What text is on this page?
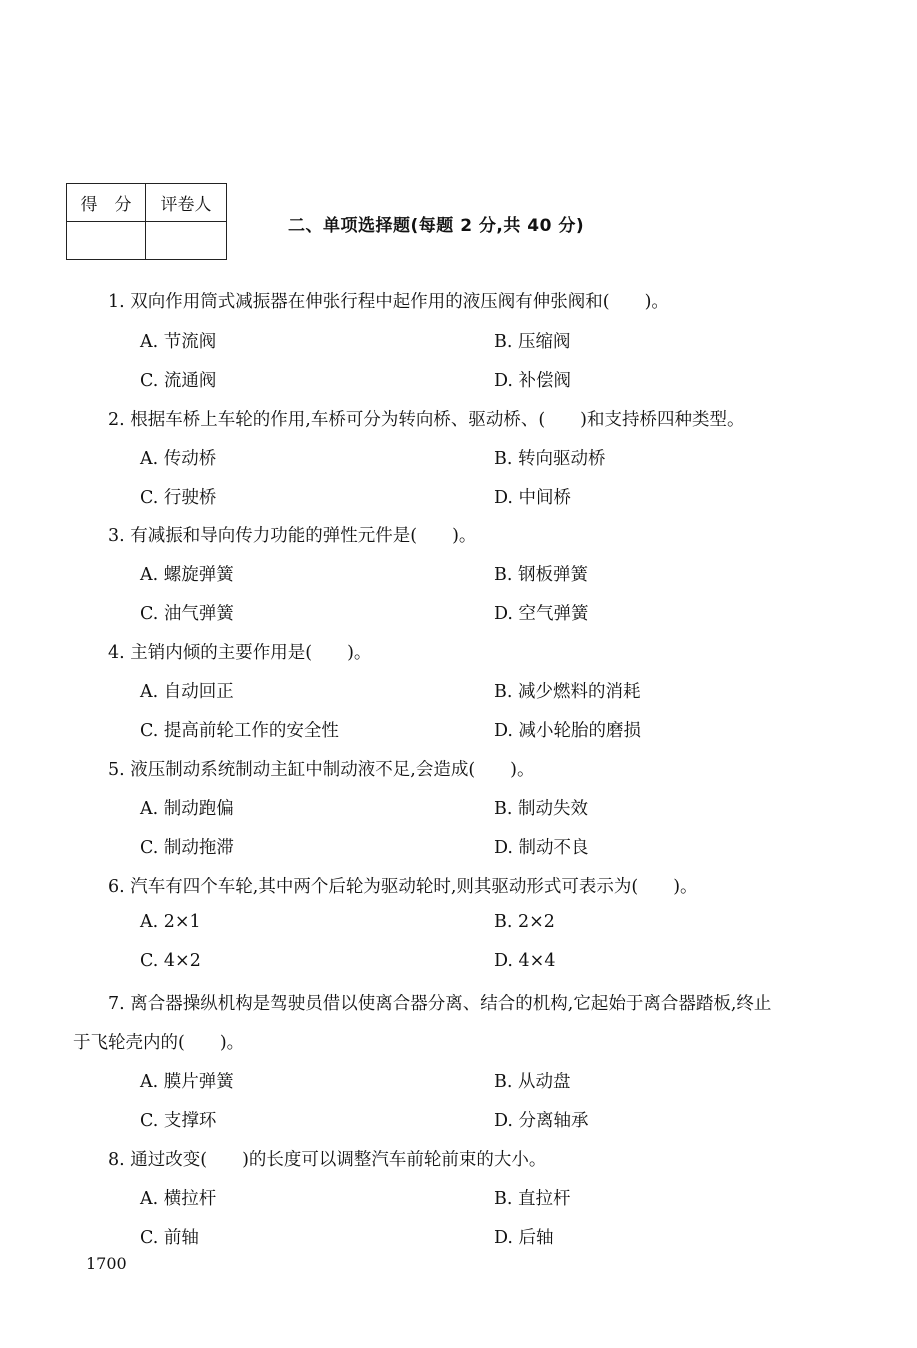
得　分	评卷人

二、单项选择题(每题 2 分,共 40 分)
1. 双向作用筒式减振器在伸张行程中起作用的液压阀有伸张阀和(　　)。
A. 节流阀	B. 压缩阀
C. 流通阀	D. 补偿阀
2. 根据车桥上车轮的作用,车桥可分为转向桥、驱动桥、(　　)和支持桥四种类型。
A. 传动桥	B. 转向驱动桥
C. 行驶桥	D. 中间桥
3. 有减振和导向传力功能的弹性元件是(　　)。
A. 螺旋弹簧	B. 钢板弹簧
C. 油气弹簧	D. 空气弹簧
4. 主销内倾的主要作用是(　　)。
A. 自动回正	B. 减少燃料的消耗
C. 提高前轮工作的安全性	D. 减小轮胎的磨损
5. 液压制动系统制动主缸中制动液不足,会造成(　　)。
A. 制动跑偏	B. 制动失效
C. 制动拖滞	D. 制动不良
6. 汽车有四个车轮,其中两个后轮为驱动轮时,则其驱动形式可表示为(　　)。
A. 2×1	B. 2×2
C. 4×2	D. 4×4
7. 离合器操纵机构是驾驶员借以使离合器分离、结合的机构,它起始于离合器踏板,终止
于飞轮壳内的(　　)。
A. 膜片弹簧	B. 从动盘
C. 支撑环	D. 分离轴承
8. 通过改变(　　)的长度可以调整汽车前轮前束的大小。
A. 横拉杆	B. 直拉杆
C. 前轴	D. 后轴
1700
